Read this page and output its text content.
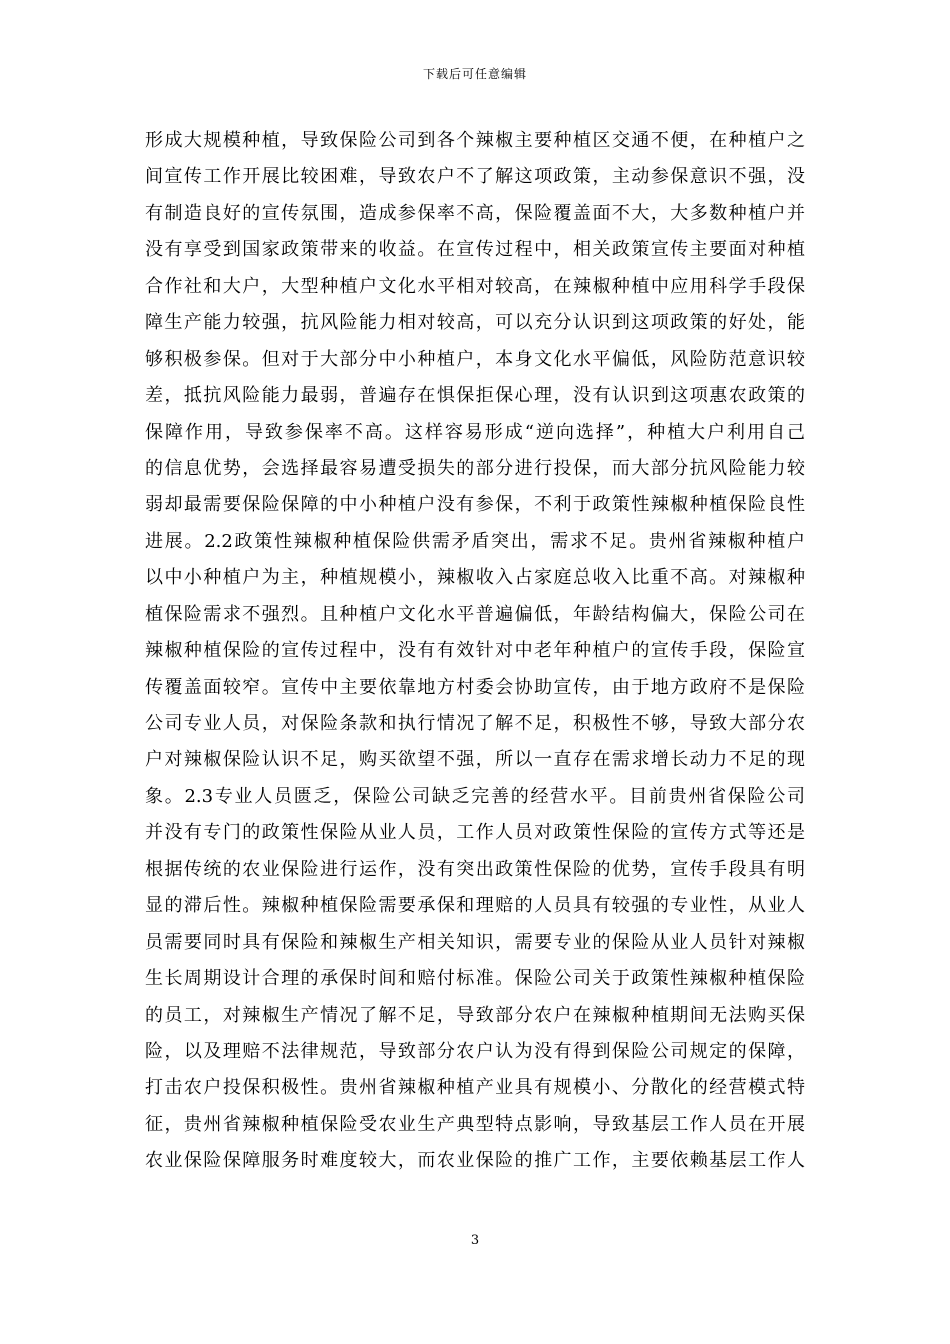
下载后可任意编辑
形成大规模种植，导致保险公司到各个辣椒主要种植区交通不便，在种植户之
间宣传工作开展比较困难，导致农户不了解这项政策，主动参保意识不强，没
有制造良好的宣传氛围，造成参保率不高，保险覆盖面不大，大多数种植户并
没有享受到国家政策带来的收益。在宣传过程中，相关政策宣传主要面对种植
合作社和大户，大型种植户文化水平相对较高，在辣椒种植中应用科学手段保
障生产能力较强，抗风险能力相对较高，可以充分认识到这项政策的好处，能
够积极参保。但对于大部分中小种植户，本身文化水平偏低，风险防范意识较
差，抵抗风险能力最弱，普遍存在惧保拒保心理，没有认识到这项惠农政策的
保障作用，导致参保率不高。这样容易形成“逆向选择”，种植大户利用自己
的信息优势，会选择最容易遭受损失的部分进行投保，而大部分抗风险能力较
弱却最需要保险保障的中小种植户没有参保，不利于政策性辣椒种植保险良性
进展。2.2政策性辣椒种植保险供需矛盾突出，需求不足。贵州省辣椒种植户
以中小种植户为主，种植规模小，辣椒收入占家庭总收入比重不高。对辣椒种
植保险需求不强烈。且种植户文化水平普遍偏低，年龄结构偏大，保险公司在
辣椒种植保险的宣传过程中，没有有效针对中老年种植户的宣传手段，保险宣
传覆盖面较窄。宣传中主要依靠地方村委会协助宣传，由于地方政府不是保险
公司专业人员，对保险条款和执行情况了解不足，积极性不够，导致大部分农
户对辣椒保险认识不足，购买欲望不强，所以一直存在需求增长动力不足的现
象。2.3专业人员匮乏，保险公司缺乏完善的经营水平。目前贵州省保险公司
并没有专门的政策性保险从业人员，工作人员对政策性保险的宣传方式等还是
根据传统的农业保险进行运作，没有突出政策性保险的优势，宣传手段具有明
显的滞后性。辣椒种植保险需要承保和理赔的人员具有较强的专业性，从业人
员需要同时具有保险和辣椒生产相关知识，需要专业的保险从业人员针对辣椒
生长周期设计合理的承保时间和赔付标准。保险公司关于政策性辣椒种植保险
的员工，对辣椒生产情况了解不足，导致部分农户在辣椒种植期间无法购买保
险，以及理赔不法律规范，导致部分农户认为没有得到保险公司规定的保障，
打击农户投保积极性。贵州省辣椒种植产业具有规模小、分散化的经营模式特
征，贵州省辣椒种植保险受农业生产典型特点影响，导致基层工作人员在开展
农业保险保障服务时难度较大，而农业保险的推广工作，主要依赖基层工作人
3
